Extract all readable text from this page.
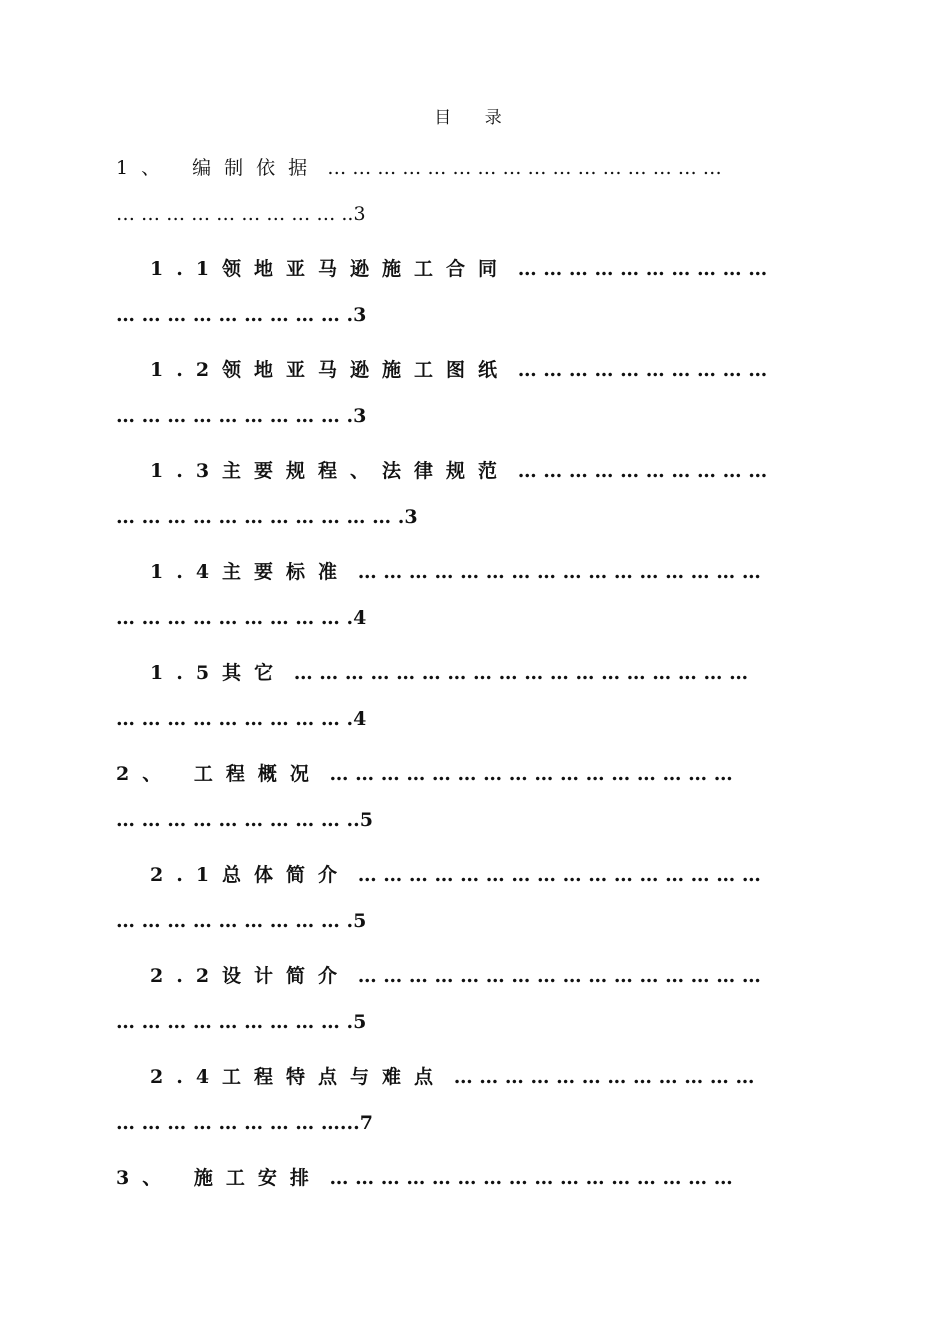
目 录
1、 编制依据 … … … … … … … … … … … … … … … …
… … … … … … … … … ..3
1.1领地亚马逊施工合同 … … … … … … … … … …
… … … … … … … … … .3
1.2领地亚马逊施工图纸 … … … … … … … … … …
… … … … … … … … … .3
1.3主要规程、法律规范 … … … … … … … … … …
… … … … … … … … … … … .3
1.4主要标准 … … … … … … … … … … … … … … … …
… … … … … … … … … .4
1.5其它 … … … … … … … … … … … … … … … … … …
… … … … … … … … … .4
2、 工程概况 … … … … … … … … … … … … … … … …
… … … … … … … … … ..5
2.1总体简介 … … … … … … … … … … … … … … … …
… … … … … … … … … .5
2.2设计简介 … … … … … … … … … … … … … … … …
… … … … … … … … … .5
2.4工程特点与难点 … … … … … … … … … … … …
… … … … … … … … …...7
3、 施工安排 … … … … … … … … … … … … … … … …
